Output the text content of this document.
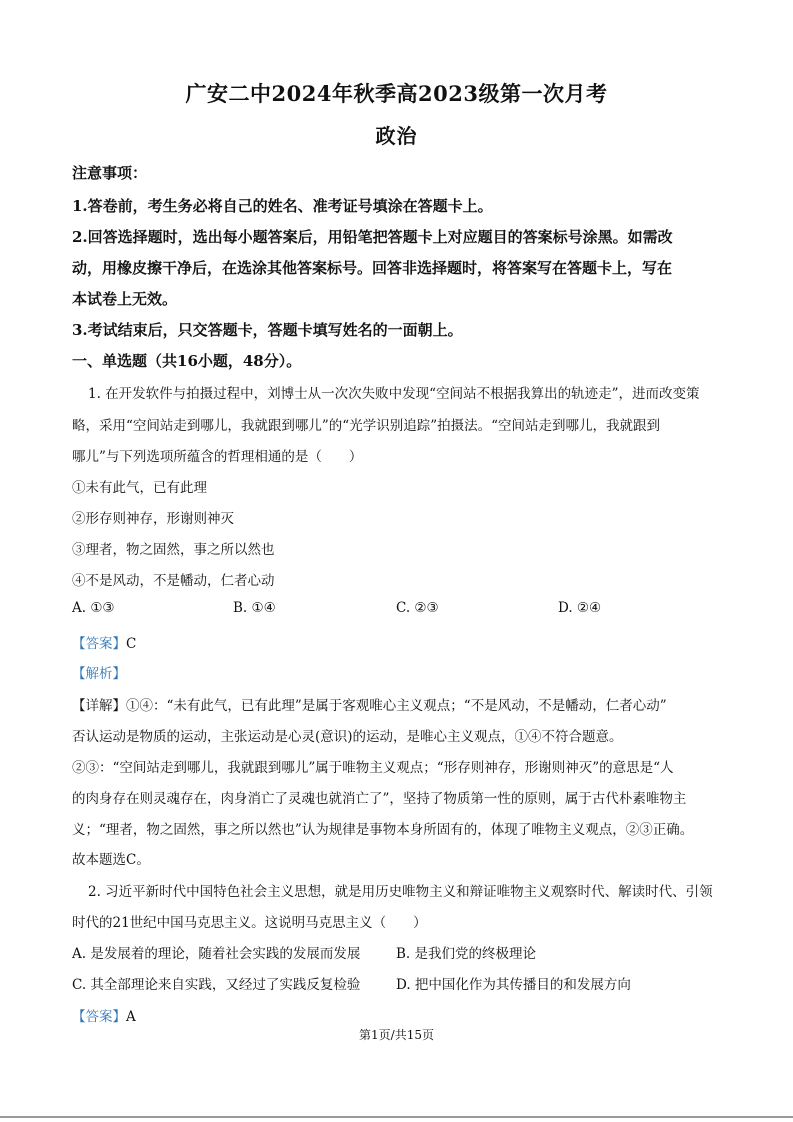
广安二中2024年秋季高2023级第一次月考
政治
注意事项：
1.答卷前，考生务必将自己的姓名、准考证号填涂在答题卡上。
2.回答选择题时，选出每小题答案后，用铅笔把答题卡上对应题目的答案标号涂黑。如需改
动，用橡皮擦干净后，在选涂其他答案标号。回答非选择题时，将答案写在答题卡上，写在
本试卷上无效。
3.考试结束后，只交答题卡，答题卡填写姓名的一面朝上。
一、单选题（共16小题，48分）。
1. 在开发软件与拍摄过程中，刘博士从一次次失败中发现“空间站不根据我算出的轨迹走”，进而改变策
略，采用“空间站走到哪儿，我就跟到哪儿”的“光学识别追踪”拍摄法。“空间站走到哪儿，我就跟到
哪儿”与下列选项所蕴含的哲理相通的是（　　）
①未有此气，已有此理
②形存则神存，形谢则神灭
③理者，物之固然，事之所以然也
④不是风动，不是幡动，仁者心动
A. ①③	B. ①④	C. ②③	D. ②④
【答案】C
【解析】
【详解】①④：“未有此气，已有此理”是属于客观唯心主义观点；“不是风动，不是幡动，仁者心动”
否认运动是物质的运动，主张运动是心灵(意识)的运动，是唯心主义观点，①④不符合题意。
②③：“空间站走到哪儿，我就跟到哪儿”属于唯物主义观点；“形存则神存，形谢则神灭”的意思是“人
的肉身存在则灵魂存在，肉身消亡了灵魂也就消亡了”，坚持了物质第一性的原则，属于古代朴素唯物主
义；“理者，物之固然，事之所以然也”认为规律是事物本身所固有的，体现了唯物主义观点，②③正确。
故本题选C。
2. 习近平新时代中国特色社会主义思想，就是用历史唯物主义和辩证唯物主义观察时代、解读时代、引领
时代的21世纪中国马克思主义。这说明马克思主义（　　）
A. 是发展着的理论，随着社会实践的发展而发展	B. 是我们党的终极理论
C. 其全部理论来自实践，又经过了实践反复检验	D. 把中国化作为其传播目的和发展方向
【答案】A
第1页/共15页
